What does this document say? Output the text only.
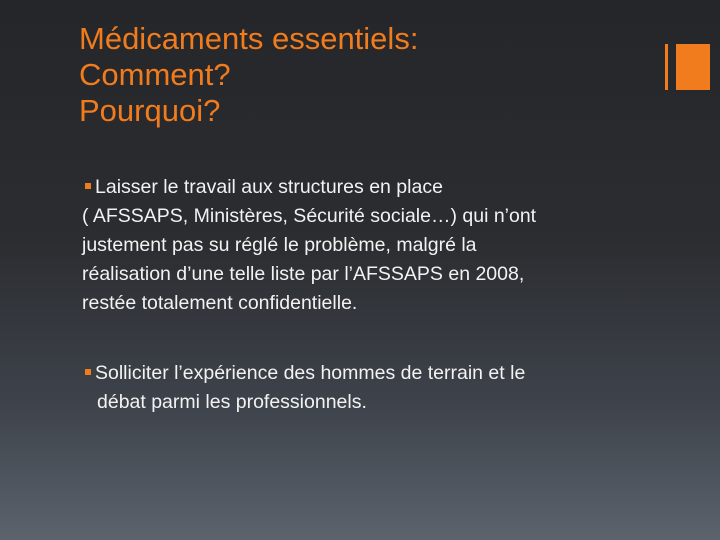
Médicaments essentiels:
Comment?
Pourquoi?
Laisser le travail aux structures en place
( AFSSAPS, Ministères, Sécurité sociale…) qui n’ont
justement pas su réglé le problème, malgré la
réalisation d’une telle liste par l’AFSSAPS en 2008,
restée totalement confidentielle.
Solliciter l’expérience des hommes de terrain et le
débat parmi les professionnels.
